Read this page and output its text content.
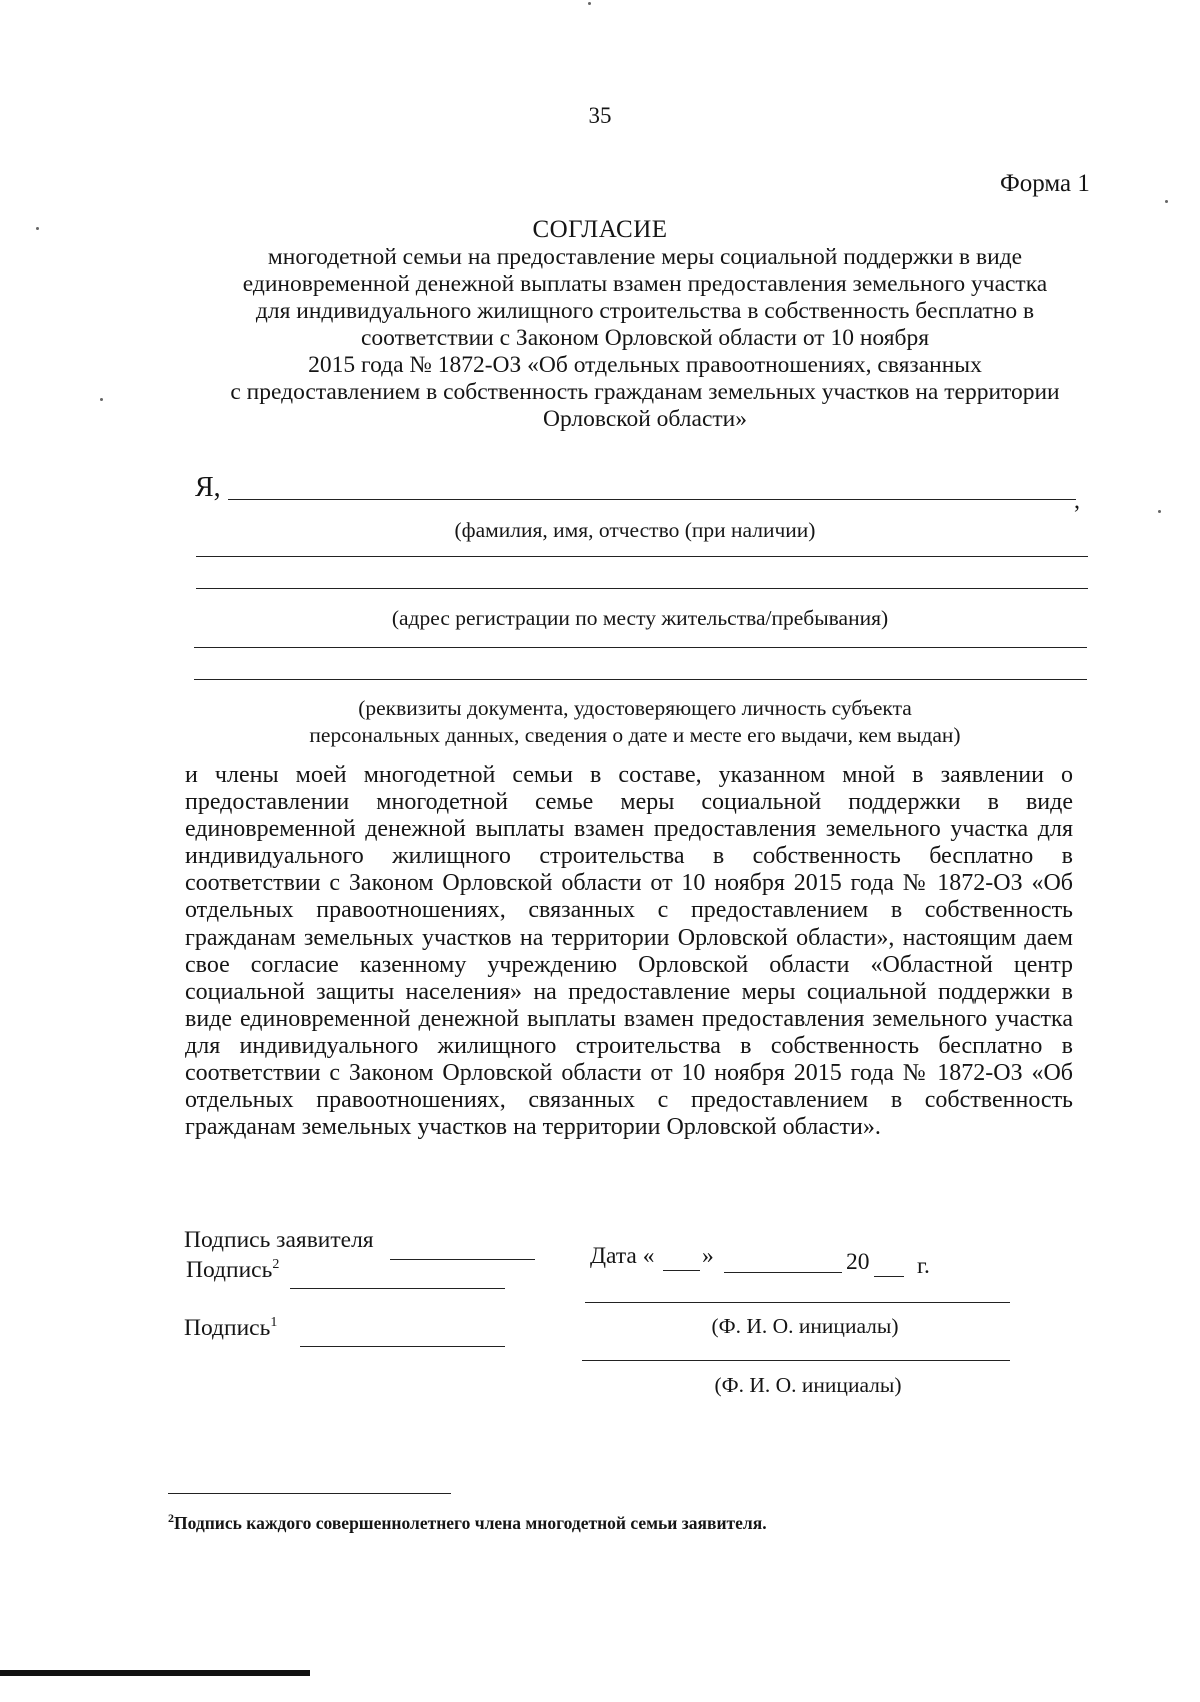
35
Форма 1
СОГЛАСИЕ
многодетной семьи на предоставление меры социальной поддержки в виде
единовременной денежной выплаты взамен предоставления земельного участка
для индивидуального жилищного строительства в собственность бесплатно в
соответствии с Законом Орловской области от 10 ноября
2015 года № 1872-ОЗ «Об отдельных правоотношениях, связанных
с предоставлением в собственность гражданам земельных участков на территории
Орловской области»
Я,	,
(фамилия, имя, отчество (при наличии)
(адрес регистрации по месту жительства/пребывания)
(реквизиты документа, удостоверяющего личность субъекта
персональных данных, сведения о дате и месте его выдачи, кем выдан)
и члены моей многодетной семьи в составе, указанном мной в заявлении о предоставлении многодетной семье меры социальной поддержки в виде единовременной денежной выплаты взамен предоставления земельного участка для индивидуального жилищного строительства в собственность бесплатно в соответствии с Законом Орловской области от 10 ноября 2015 года № 1872-ОЗ «Об отдельных правоотношениях, связанных с предоставлением в собственность гражданам земельных участков на территории Орловской области», настоящим даем свое согласие казенному учреждению Орловской области «Областной центр социальной защиты населения» на предоставление меры социальной поддержки в виде единовременной денежной выплаты взамен предоставления земельного участка для индивидуального жилищного строительства в собственность бесплатно в соответствии с Законом Орловской области от 10 ноября 2015 года № 1872-ОЗ «Об отдельных правоотношениях, связанных с предоставлением в собственность гражданам земельных участков на территории Орловской области».
Подпись заявителя
Подпись$^2$
Подпись$^1$
Дата « »	20 г.
(Ф. И. О. инициалы)
(Ф. И. О. инициалы)
$^2$Подпись каждого совершеннолетнего члена многодетной семьи заявителя.
